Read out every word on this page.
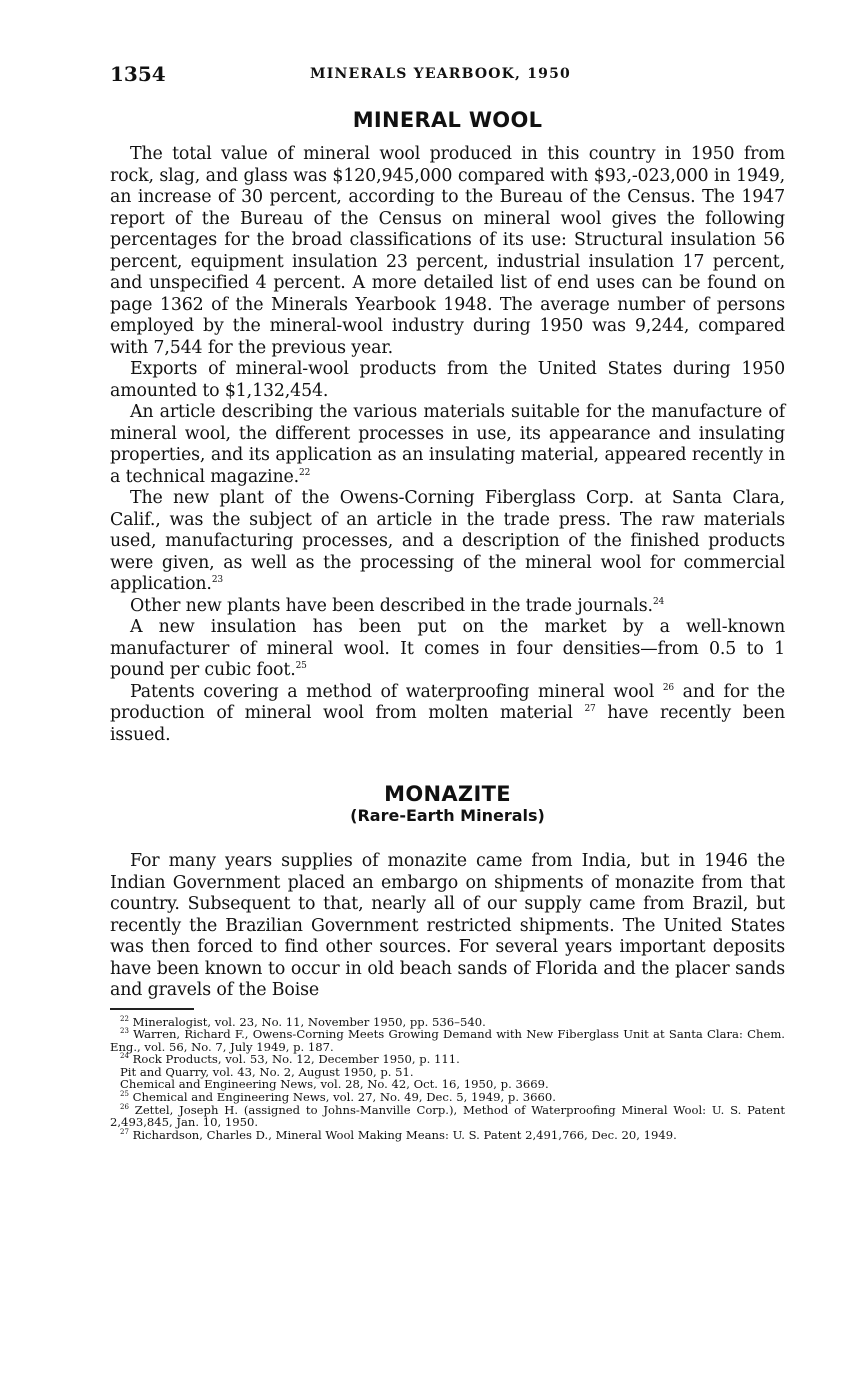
1354	MINERALS YEARBOOK, 1950
MINERAL WOOL

The total value of mineral wool produced in this country in 1950 from rock, slag, and glass was $120,945,000 compared with $93,-023,000 in 1949, an increase of 30 percent, according to the Bureau of the Census. The 1947 report of the Bureau of the Census on mineral wool gives the following percentages for the broad classifications of its use: Structural insulation 56 percent, equipment insulation 23 percent, industrial insulation 17 percent, and unspecified 4 percent. A more detailed list of end uses can be found on page 1362 of the Minerals Yearbook 1948. The average number of persons employed by the mineral-wool industry during 1950 was 9,244, compared with 7,544 for the previous year.

Exports of mineral-wool products from the United States during 1950 amounted to $1,132,454.

An article describing the various materials suitable for the manufacture of mineral wool, the different processes in use, its appearance and insulating properties, and its application as an insulating material, appeared recently in a technical magazine.$^{22}$

The new plant of the Owens-Corning Fiberglass Corp. at Santa Clara, Calif., was the subject of an article in the trade press. The raw materials used, manufacturing processes, and a description of the finished products were given, as well as the processing of the mineral wool for commercial application.$^{23}$

Other new plants have been described in the trade journals.$^{24}$

A new insulation has been put on the market by a well-known manufacturer of mineral wool. It comes in four densities—from 0.5 to 1 pound per cubic foot.$^{25}$

Patents covering a method of waterproofing mineral wool $^{26}$ and for the production of mineral wool from molten material $^{27}$ have recently been issued.

MONAZITE
(Rare-Earth Minerals)

For many years supplies of monazite came from India, but in 1946 the Indian Government placed an embargo on shipments of monazite from that country. Subsequent to that, nearly all of our supply came from Brazil, but recently the Brazilian Government restricted shipments. The United States was then forced to find other sources. For several years important deposits have been known to occur in old beach sands of Florida and the placer sands and gravels of the Boise

$^{22}$ Mineralogist, vol. 23, No. 11, November 1950, pp. 536–540.

$^{23}$ Warren, Richard F., Owens-Corning Meets Growing Demand with New Fiberglass Unit at Santa Clara: Chem. Eng., vol. 56, No. 7, July 1949, p. 187.

$^{24}$ Rock Products, vol. 53, No. 12, December 1950, p. 111.

Pit and Quarry, vol. 43, No. 2, August 1950, p. 51.

Chemical and Engineering News, vol. 28, No. 42, Oct. 16, 1950, p. 3669.

$^{25}$ Chemical and Engineering News, vol. 27, No. 49, Dec. 5, 1949, p. 3660.

$^{26}$ Zettel, Joseph H. (assigned to Johns-Manville Corp.), Method of Waterproofing Mineral Wool: U. S. Patent 2,493,845, Jan. 10, 1950.

$^{27}$ Richardson, Charles D., Mineral Wool Making Means: U. S. Patent 2,491,766, Dec. 20, 1949.
